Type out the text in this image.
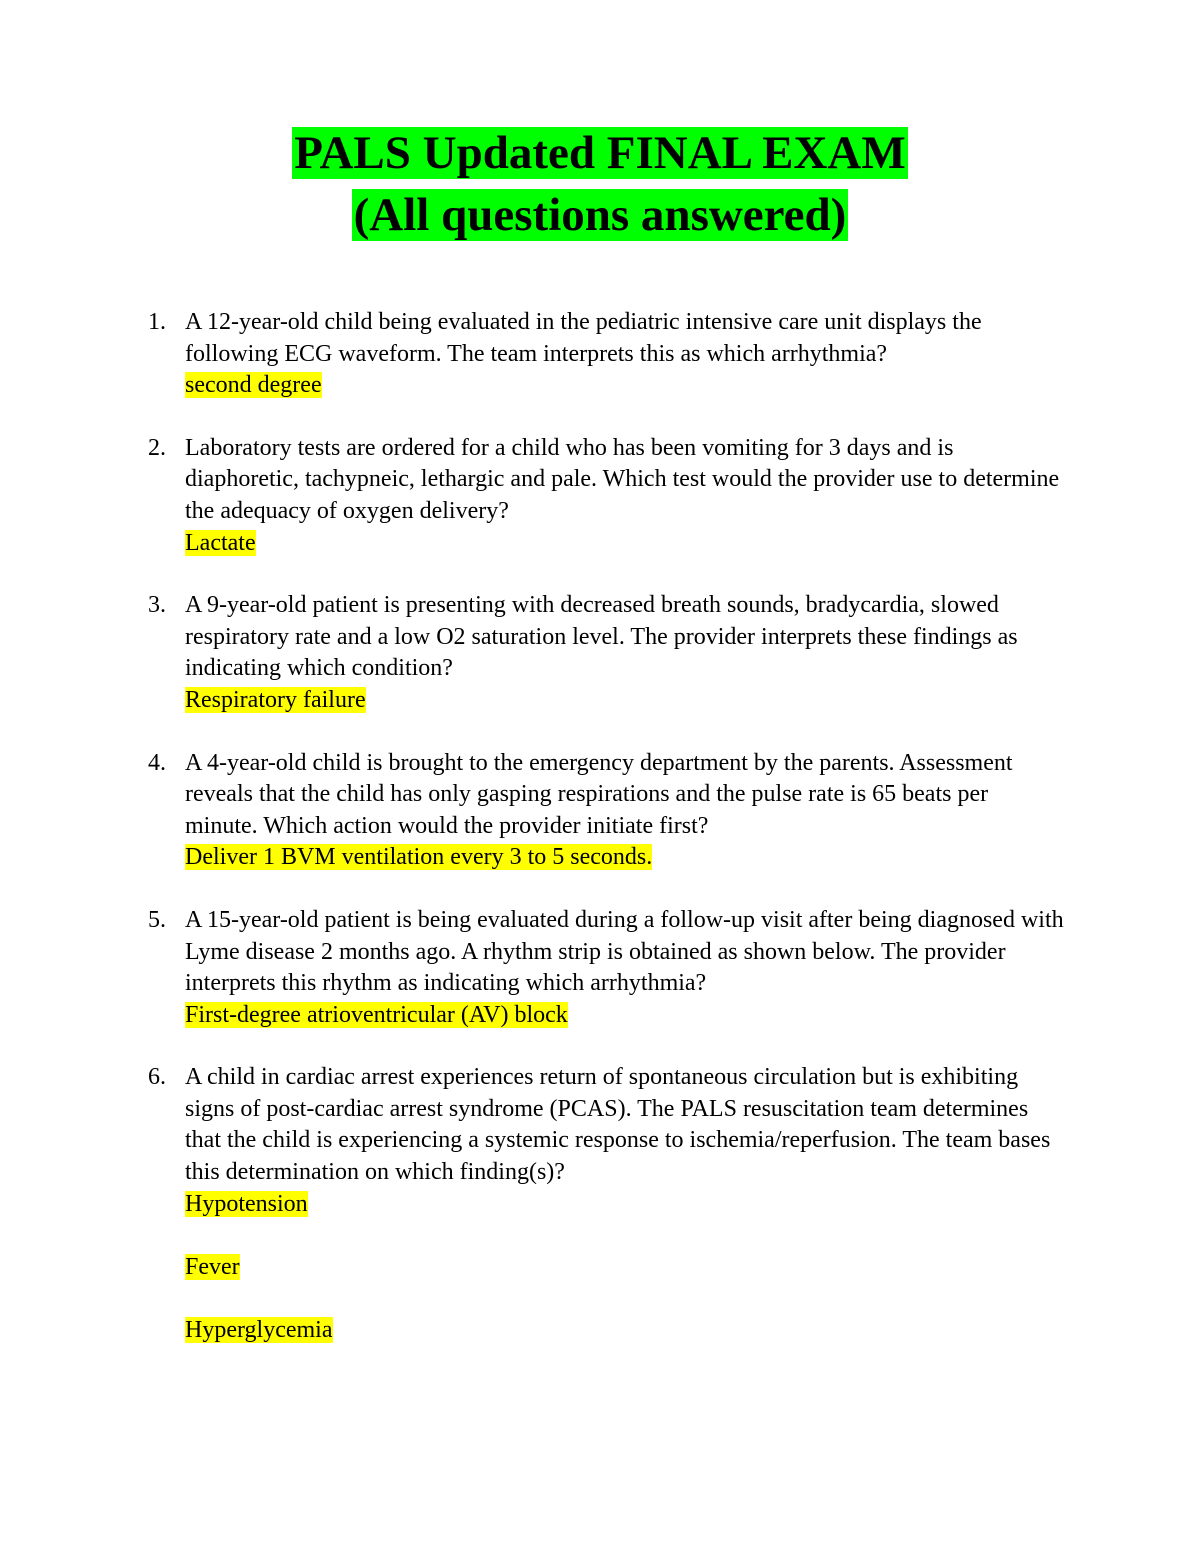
PALS Updated FINAL EXAM
(All questions answered)
1. A 12-year-old child being evaluated in the pediatric intensive care unit displays the following ECG waveform. The team interprets this as which arrhythmia?
second degree
2. Laboratory tests are ordered for a child who has been vomiting for 3 days and is diaphoretic, tachypneic, lethargic and pale. Which test would the provider use to determine the adequacy of oxygen delivery?
Lactate
3. A 9-year-old patient is presenting with decreased breath sounds, bradycardia, slowed respiratory rate and a low O2 saturation level. The provider interprets these findings as indicating which condition?
Respiratory failure
4. A 4-year-old child is brought to the emergency department by the parents. Assessment reveals that the child has only gasping respirations and the pulse rate is 65 beats per minute. Which action would the provider initiate first?
Deliver 1 BVM ventilation every 3 to 5 seconds.
5. A 15-year-old patient is being evaluated during a follow-up visit after being diagnosed with Lyme disease 2 months ago. A rhythm strip is obtained as shown below. The provider interprets this rhythm as indicating which arrhythmia?
First-degree atrioventricular (AV) block
6. A child in cardiac arrest experiences return of spontaneous circulation but is exhibiting signs of post-cardiac arrest syndrome (PCAS). The PALS resuscitation team determines that the child is experiencing a systemic response to ischemia/reperfusion. The team bases this determination on which finding(s)?
Hypotension
Fever
Hyperglycemia
